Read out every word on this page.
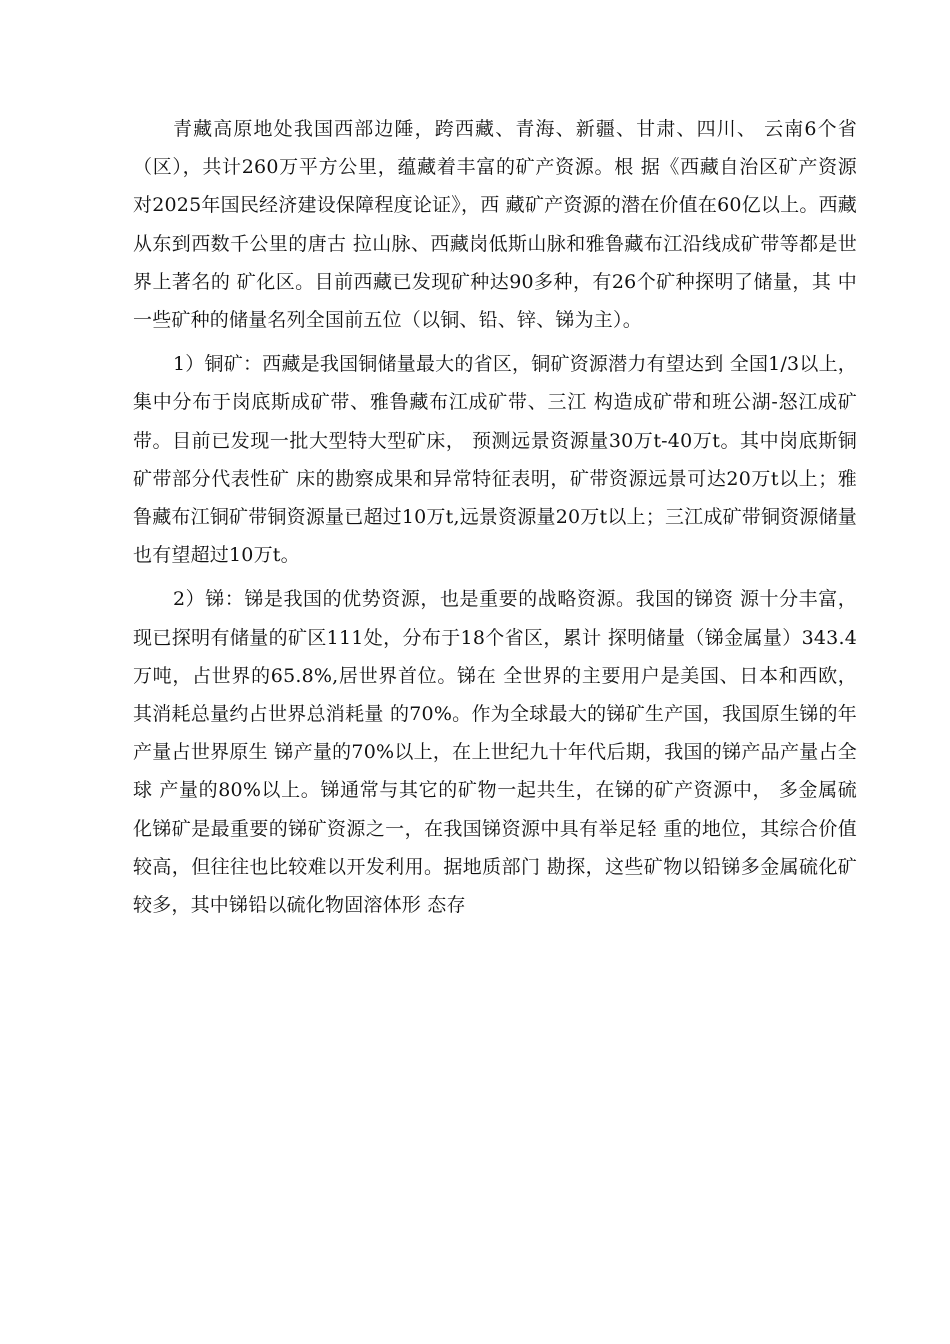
青藏高原地处我国西部边陲，跨西藏、青海、新疆、甘肃、四川、 云南6个省（区），共计260万平方公里，蕴藏着丰富的矿产资源。根 据《西藏自治区矿产资源对2025年国民经济建设保障程度论证》，西 藏矿产资源的潜在价值在60亿以上。西藏从东到西数千公里的唐古 拉山脉、西藏岗低斯山脉和雅鲁藏布江沿线成矿带等都是世界上著名的 矿化区。目前西藏已发现矿种达90多种，有26个矿种探明了储量，其 中一些矿种的储量名列全国前五位（以铜、铅、锌、锑为主）。

1）铜矿：西藏是我国铜储量最大的省区，铜矿资源潜力有望达到 全国1/3以上，集中分布于岗底斯成矿带、雅鲁藏布江成矿带、三江 构造成矿带和班公湖-怒江成矿带。目前已发现一批大型特大型矿床， 预测远景资源量30万t-40万t。其中岗底斯铜矿带部分代表性矿 床的勘察成果和异常特征表明，矿带资源远景可达20万t以上；雅 鲁藏布江铜矿带铜资源量已超过10万t,远景资源量20万t以上；三江成矿带铜资源储量也有望超过10万t。

2）锑：锑是我国的优势资源，也是重要的战略资源。我国的锑资 源十分丰富，现已探明有储量的矿区111处，分布于18个省区，累计 探明储量（锑金属量）343.4万吨，占世界的65.8%,居世界首位。锑在 全世界的主要用户是美国、日本和西欧，其消耗总量约占世界总消耗量 的70%。作为全球最大的锑矿生产国，我国原生锑的年产量占世界原生 锑产量的70%以上，在上世纪九十年代后期，我国的锑产品产量占全球 产量的80%以上。锑通常与其它的矿物一起共生，在锑的矿产资源中， 多金属硫化锑矿是最重要的锑矿资源之一，在我国锑资源中具有举足轻 重的地位，其综合价值较高，但往往也比较难以开发利用。据地质部门 勘探，这些矿物以铅锑多金属硫化矿较多，其中锑铅以硫化物固溶体形 态存
